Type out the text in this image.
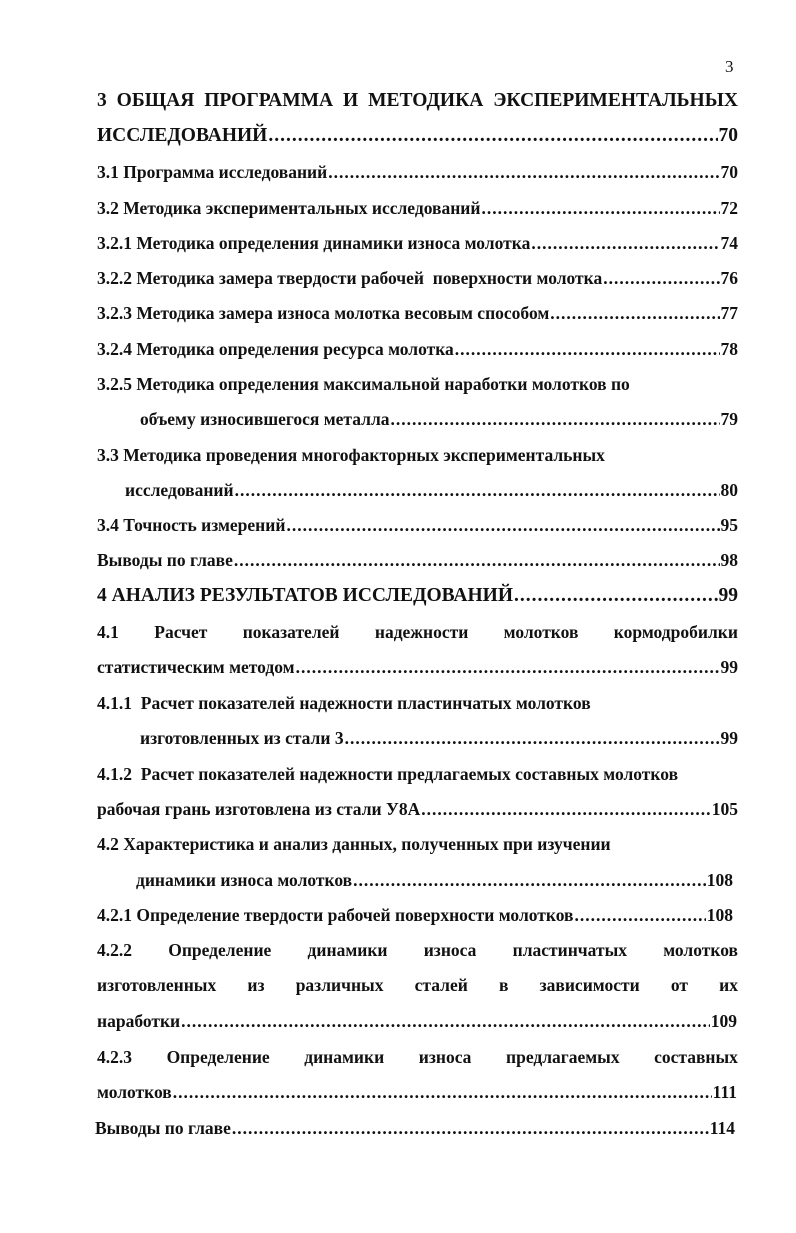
3
3 ОБЩАЯ ПРОГРАММА И МЕТОДИКА ЭКСПЕРИМЕНТАЛЬНЫХ
ИССЛЕДОВАНИЙ .....	70
3.1 Программа исследований .....	70
3.2 Методика экспериментальных исследований .....	72
3.2.1 Методика определения динамики износа молотка .....	74
3.2.2 Методика замера твердости рабочей  поверхности молотка .....	76
3.2.3 Методика замера износа молотка весовым способом .....	77
3.2.4 Методика определения ресурса молотка .....	78
3.2.5 Методика определения максимальной наработки молотков по
объему износившегося металла .....	79
3.3 Методика проведения многофакторных экспериментальных
исследований .....	80
3.4 Точность измерений .....	95
Выводы по главе .....	98
4 АНАЛИЗ РЕЗУЛЬТАТОВ ИССЛЕДОВАНИЙ .....	99
4.1 Расчет показателей надежности молотков кормодробилки
статистическим методом .....	99
4.1.1  Расчет показателей надежности пластинчатых молотков
изготовленных из стали 3 .....	99
4.1.2  Расчет показателей надежности предлагаемых составных молотков
рабочая грань изготовлена из стали У8А .....	105
4.2 Характеристика и анализ данных, полученных при изучении
динамики износа молотков .....	108
4.2.1 Определение твердости рабочей поверхности молотков .....	108
4.2.2 Определение динамики износа пластинчатых молотков
изготовленных из различных сталей в зависимости от их
наработки .....	109
4.2.3 Определение динамики износа предлагаемых составных
молотков .....	111
Выводы по главе .....	114
